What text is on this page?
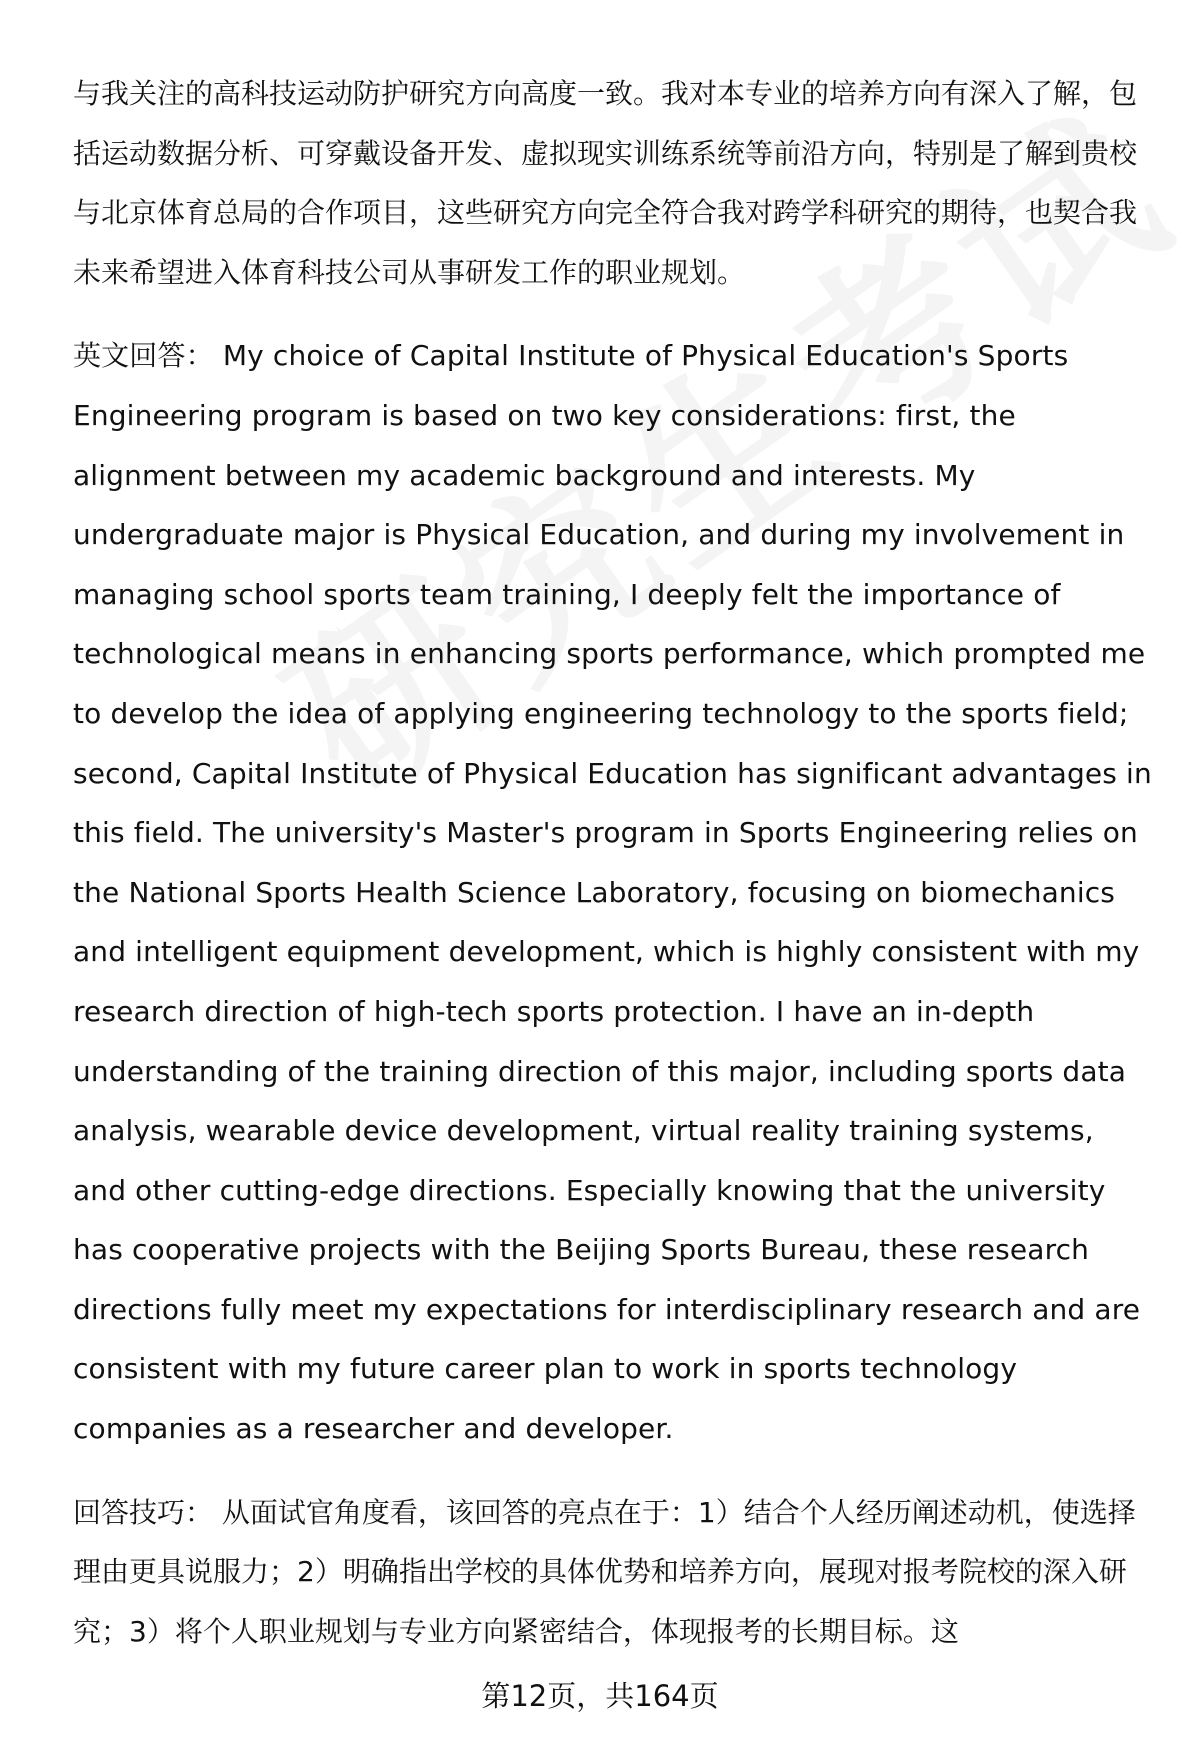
与我关注的高科技运动防护研究方向高度一致。我对本专业的培养方向有深入了解，包括运动数据分析、可穿戴设备开发、虚拟现实训练系统等前沿方向，特别是了解到贵校与北京体育总局的合作项目，这些研究方向完全符合我对跨学科研究的期待，也契合我未来希望进入体育科技公司从事研发工作的职业规划。

英文回答： My choice of Capital Institute of Physical Education's Sports Engineering program is based on two key considerations: first, the alignment between my academic background and interests. My undergraduate major is Physical Education, and during my involvement in managing school sports team training, I deeply felt the importance of technological means in enhancing sports performance, which prompted me to develop the idea of applying engineering technology to the sports field; second, Capital Institute of Physical Education has significant advantages in this field. The university's Master's program in Sports Engineering relies on the National Sports Health Science Laboratory, focusing on biomechanics and intelligent equipment development, which is highly consistent with my research direction of high-tech sports protection. I have an in-depth understanding of the training direction of this major, including sports data analysis, wearable device development, virtual reality training systems, and other cutting-edge directions. Especially knowing that the university has cooperative projects with the Beijing Sports Bureau, these research directions fully meet my expectations for interdisciplinary research and are consistent with my future career plan to work in sports technology companies as a researcher and developer.

回答技巧： 从面试官角度看，该回答的亮点在于：1）结合个人经历阐述动机，使选择理由更具说服力；2）明确指出学校的具体优势和培养方向，展现对报考院校的深入研究；3）将个人职业规划与专业方向紧密结合，体现报考的长期目标。这

第12页，共164页
